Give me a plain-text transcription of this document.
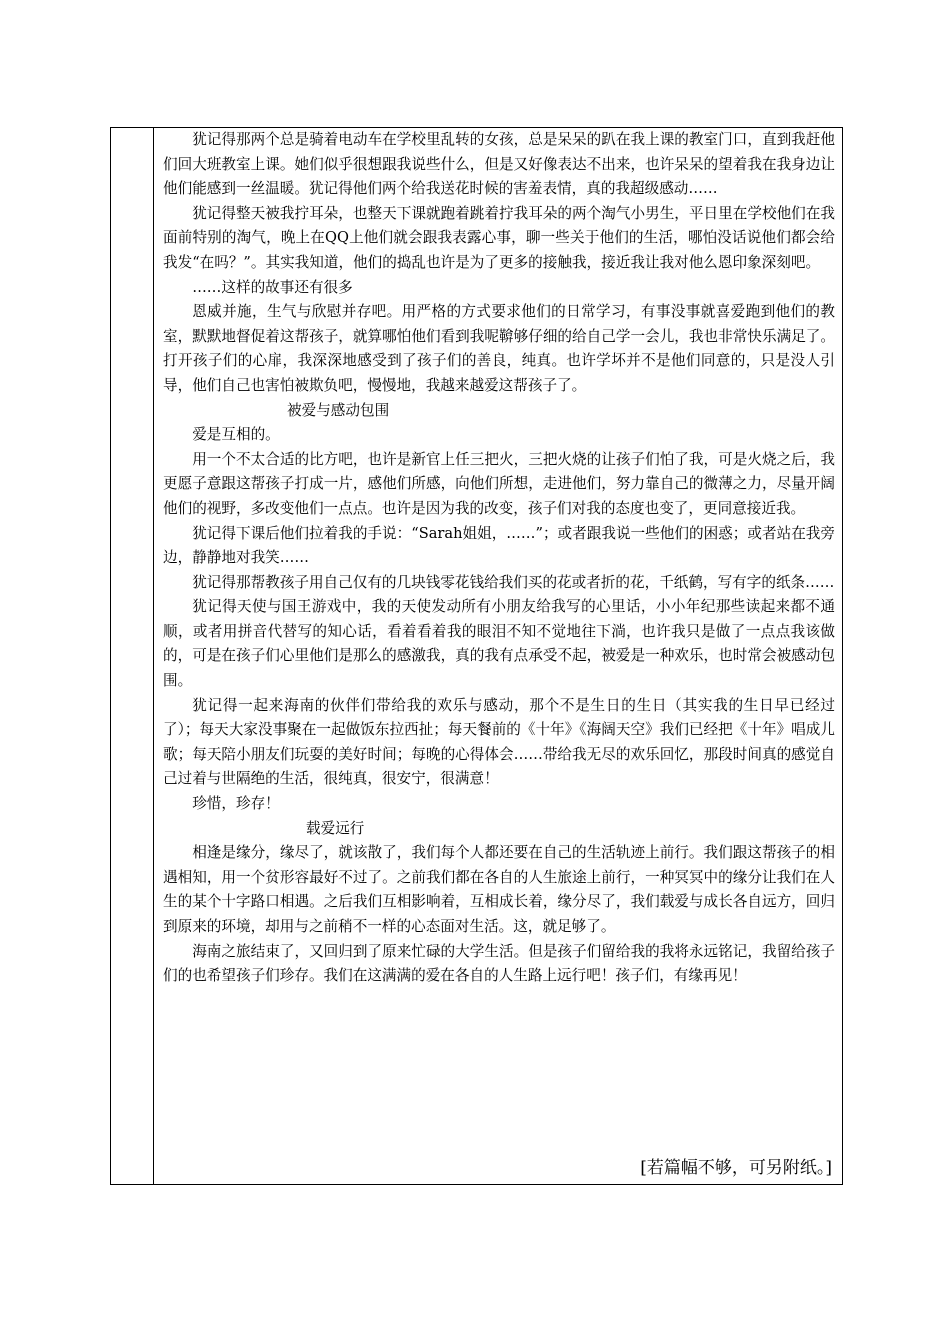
犹记得那两个总是骑着电动车在学校里乱转的女孩，总是呆呆的趴在我上课的教室门口，直到我赶他们回大班教室上课。她们似乎很想跟我说些什么，但是又好像表达不出来，也许呆呆的望着我在我身边让他们能感到一丝温暖。犹记得他们两个给我送花时候的害羞表情，真的我超级感动……

犹记得整天被我拧耳朵，也整天下课就跑着跳着拧我耳朵的两个淘气小男生，平日里在学校他们在我面前特别的淘气，晚上在QQ上他们就会跟我表露心事，聊一些关于他们的生活，哪怕没话说他们都会给我发“在吗？”。其实我知道，他们的捣乱也许是为了更多的接触我，接近我让我对他么恩印象深刻吧。

……这样的故事还有很多

恩威并施，生气与欣慰并存吧。用严格的方式要求他们的日常学习，有事没事就喜爱跑到他们的教室，默默地督促着这帮孩子，就算哪怕他们看到我呢鞥够仔细的给自己学一会儿，我也非常快乐满足了。打开孩子们的心扉，我深深地感受到了孩子们的善良，纯真。也许学坏并不是他们同意的，只是没人引导，他们自己也害怕被欺负吧，慢慢地，我越来越爱这帮孩子了。

被爱与感动包围

爱是互相的。

用一个不太合适的比方吧，也许是新官上任三把火，三把火烧的让孩子们怕了我，可是火烧之后，我更愿子意跟这帮孩子打成一片，感他们所感，向他们所想，走进他们，努力靠自己的微薄之力，尽量开阔他们的视野，多改变他们一点点。也许是因为我的改变，孩子们对我的态度也变了，更同意接近我。

犹记得下课后他们拉着我的手说：“Sarah姐姐，……”；或者跟我说一些他们的困惑；或者站在我旁边，静静地对我笑……

犹记得那帮教孩子用自己仅有的几块钱零花钱给我们买的花或者折的花，千纸鹤，写有字的纸条……

犹记得天使与国王游戏中，我的天使发动所有小朋友给我写的心里话，小小年纪那些读起来都不通顺，或者用拼音代替写的知心话，看着看着我的眼泪不知不觉地往下淌，也许我只是做了一点点我该做的，可是在孩子们心里他们是那么的感激我，真的我有点承受不起，被爱是一种欢乐，也时常会被感动包围。

犹记得一起来海南的伙伴们带给我的欢乐与感动，那个不是生日的生日（其实我的生日早已经过了）；每天大家没事聚在一起做饭东拉西扯；每天餐前的《十年》《海阔天空》我们已经把《十年》唱成儿歌；每天陪小朋友们玩耍的美好时间；每晚的心得体会……带给我无尽的欢乐回忆，那段时间真的感觉自己过着与世隔绝的生活，很纯真，很安宁，很满意！

珍惜，珍存！

载爱远行

相逢是缘分，缘尽了，就该散了，我们每个人都还要在自己的生活轨迹上前行。我们跟这帮孩子的相遇相知，用一个贫形容最好不过了。之前我们都在各自的人生旅途上前行，一种冥冥中的缘分让我们在人生的某个十字路口相遇。之后我们互相影响着，互相成长着，缘分尽了，我们载爱与成长各自远方，回归到原来的环境，却用与之前稍不一样的心态面对生活。这，就足够了。

海南之旅结束了，又回归到了原来忙碌的大学生活。但是孩子们留给我的我将永远铭记，我留给孩子们的也希望孩子们珍存。我们在这满满的爱在各自的人生路上远行吧！孩子们，有缘再见！

[若篇幅不够，可另附纸。]
